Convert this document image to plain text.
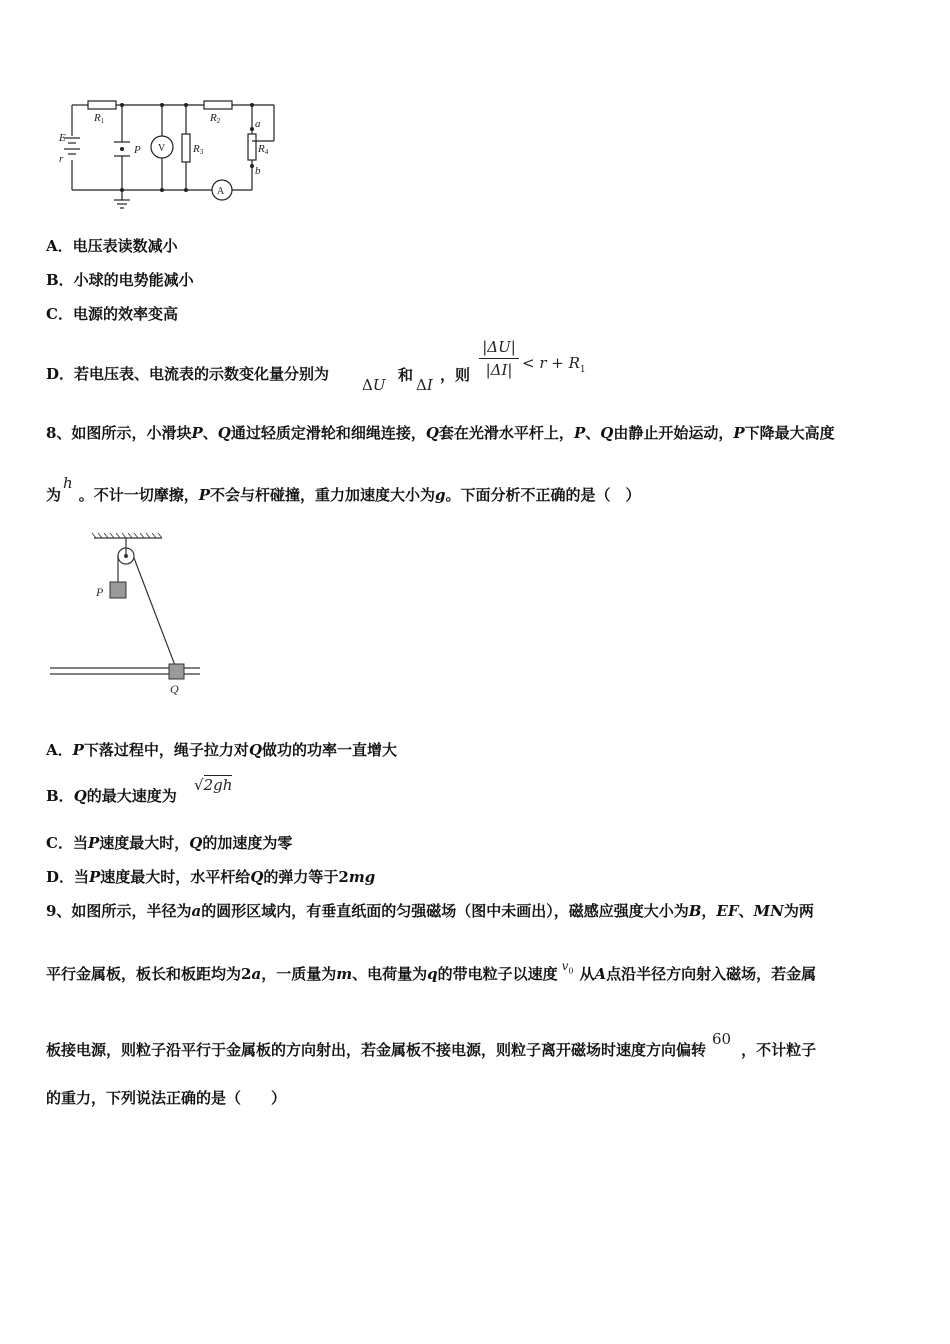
E
r
R1
P V	R3
R2	a
R4
b
A
A．电压表读数减小
B．小球的电势能减小
C．电源的效率变高
D．若电压表、电流表的示数变化量分别为
ΔU
和
ΔI
，则 $\frac{|\Delta U|}{|\Delta I|} < r + R_1$
8、如图所示，小滑块P、Q通过轻质定滑轮和细绳连接，Q套在光滑水平杆上，P、Q由静止开始运动，P下降最大高度
为h。不计一切摩擦，P不会与杆碰撞，重力加速度大小为g。下面分析不正确的是（　）
P
Q
A．P下落过程中，绳子拉力对Q做功的功率一直增大
B．Q的最大速度为
√2gh
C．当P速度最大时，Q的加速度为零
D．当P速度最大时，水平杆给Q的弹力等于2mg
9、如图所示，半径为a的圆形区域内，有垂直纸面的匀强磁场（图中未画出），磁感应强度大小为B，EF、MN为两
平行金属板，板长和板距均为2a，一质量为m、电荷量为q的带电粒子以速度 $^{v_0}$ 从A点沿半径方向射入磁场，若金属
板接电源，则粒子沿平行于金属板的方向射出，若金属板不接电源，则粒子离开磁场时速度方向偏转60，不计粒子
的重力，下列说法正确的是（　　）
